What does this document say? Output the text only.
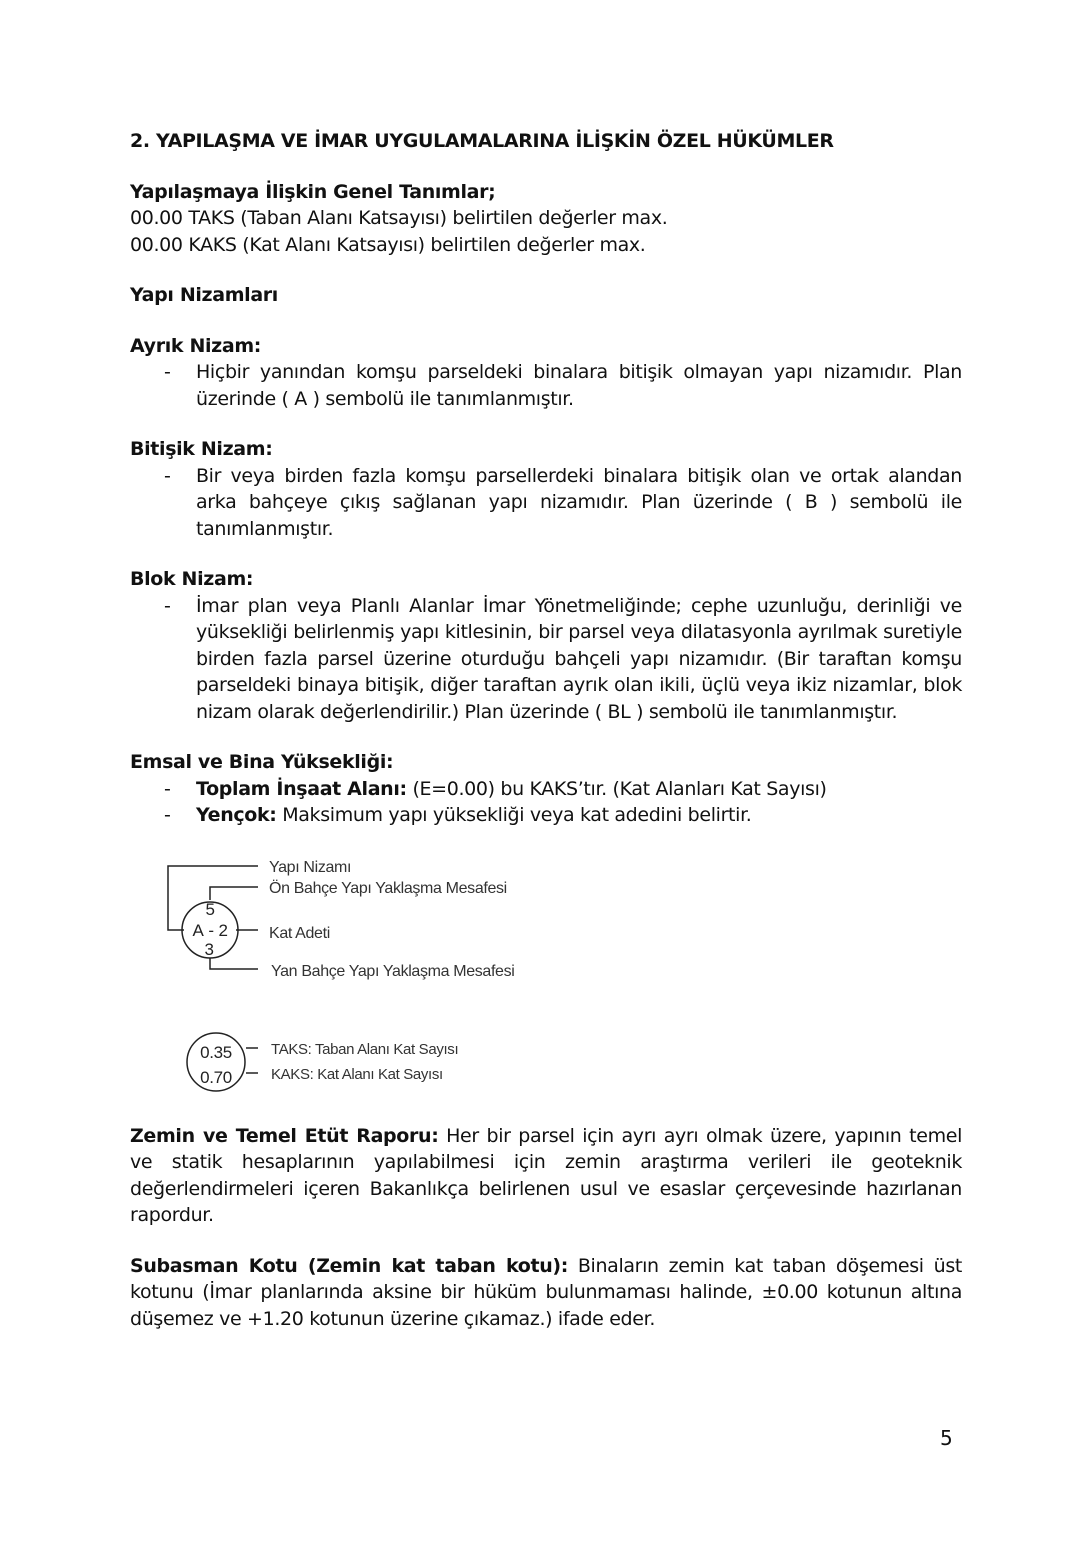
2. YAPILAŞMA VE İMAR UYGULAMALARINA İLİŞKİN ÖZEL HÜKÜMLER

Yapılaşmaya İlişkin Genel Tanımlar;

00.00 TAKS (Taban Alanı Katsayısı) belirtilen değerler max.

00.00 KAKS (Kat Alanı Katsayısı) belirtilen değerler max.

Yapı Nizamları

Ayrık Nizam:

-	Hiçbir yanından komşu parseldeki binalara bitişik olmayan yapı nizamıdır. Plan üzerinde ( A ) sembolü ile tanımlanmıştır.

Bitişik Nizam:

-	Bir veya birden fazla komşu parsellerdeki binalara bitişik olan ve ortak alandan arka bahçeye çıkış sağlanan yapı nizamıdır. Plan üzerinde ( B ) sembolü ile tanımlanmıştır.

Blok Nizam:

-	İmar plan veya Planlı Alanlar İmar Yönetmeliğinde; cephe uzunluğu, derinliği ve yüksekliği belirlenmiş yapı kitlesinin, bir parsel veya dilatasyonla ayrılmak suretiyle birden fazla parsel üzerine oturduğu bahçeli yapı nizamıdır. (Bir taraftan komşu parseldeki binaya bitişik, diğer taraftan ayrık olan ikili, üçlü veya ikiz nizamlar, blok nizam olarak değerlendirilir.) Plan üzerinde ( BL ) sembolü ile tanımlanmıştır.

Emsal ve Bina Yüksekliği:

-	Toplam İnşaat Alanı: (E=0.00) bu KAKS’tır. (Kat Alanları Kat Sayısı)
-	Yençok: Maksimum yapı yüksekliği veya kat adedini belirtir.
5
A - 2
3
0.35
0.70
Yapı Nizamı
Ön Bahçe Yapı Yaklaşma Mesafesi
Kat Adeti
Yan Bahçe Yapı Yaklaşma Mesafesi
TAKS: Taban Alanı Kat Sayısı
KAKS: Kat Alanı Kat Sayısı

Zemin ve Temel Etüt Raporu: Her bir parsel için ayrı ayrı olmak üzere, yapının temel ve statik hesaplarının yapılabilmesi için zemin araştırma verileri ile geoteknik değerlendirmeleri içeren Bakanlıkça belirlenen usul ve esaslar çerçevesinde hazırlanan rapordur.

Subasman Kotu (Zemin kat taban kotu): Binaların zemin kat taban döşemesi üst kotunu (İmar planlarında aksine bir hüküm bulunmaması halinde, ±0.00 kotunun altına düşemez ve +1.20 kotunun üzerine çıkamaz.) ifade eder.

5
